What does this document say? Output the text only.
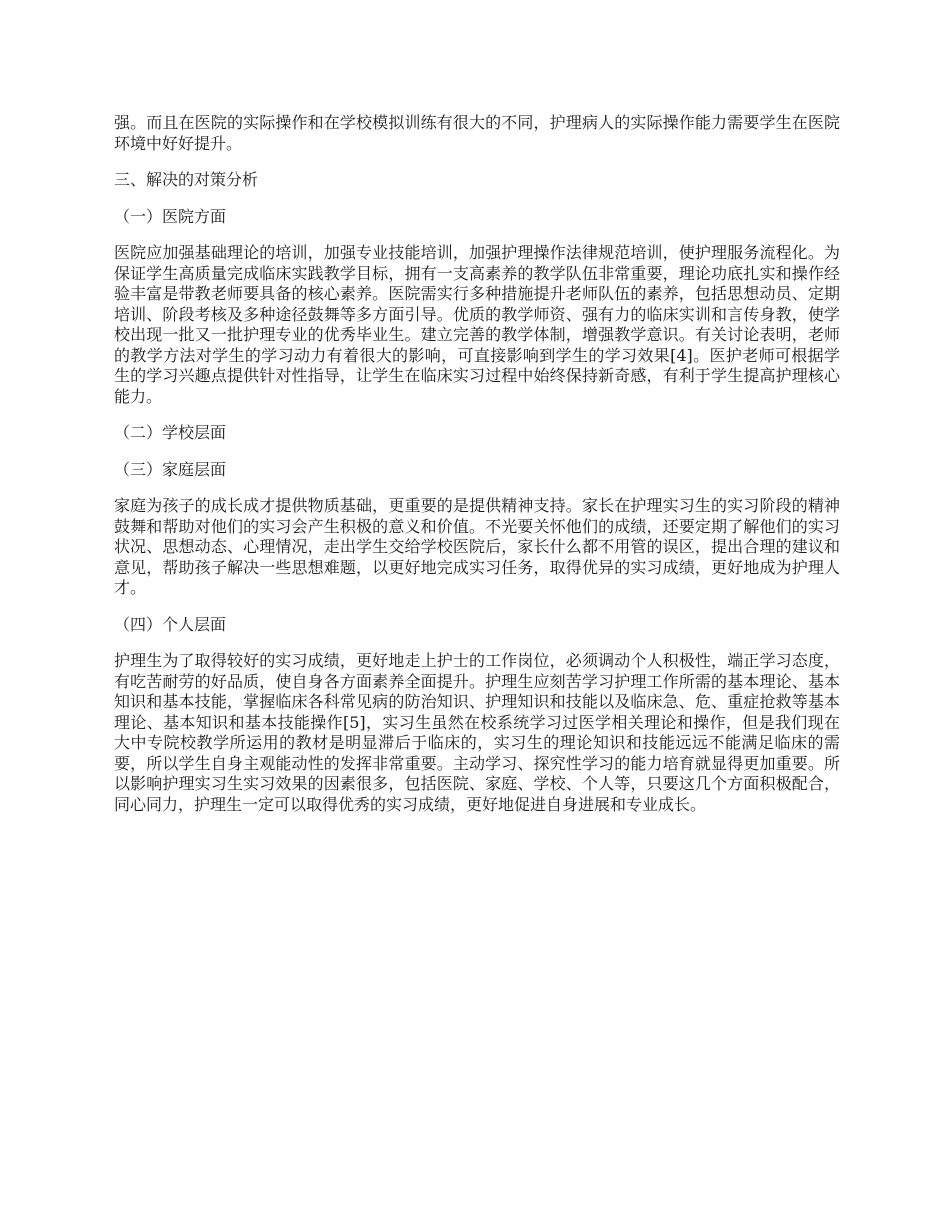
强。而且在医院的实际操作和在学校模拟训练有很大的不同，护理病人的实际操作能力需要学生在医院环境中好好提升。

三、解决的对策分析

（一）医院方面

医院应加强基础理论的培训，加强专业技能培训，加强护理操作法律规范培训，使护理服务流程化。为保证学生高质量完成临床实践教学目标，拥有一支高素养的教学队伍非常重要，理论功底扎实和操作经验丰富是带教老师要具备的核心素养。医院需实行多种措施提升老师队伍的素养，包括思想动员、定期培训、阶段考核及多种途径鼓舞等多方面引导。优质的教学师资、强有力的临床实训和言传身教，使学校出现一批又一批护理专业的优秀毕业生。建立完善的教学体制，增强教学意识。有关讨论表明，老师的教学方法对学生的学习动力有着很大的影响，可直接影响到学生的学习效果[4]。医护老师可根据学生的学习兴趣点提供针对性指导，让学生在临床实习过程中始终保持新奇感，有利于学生提高护理核心能力。

（二）学校层面

（三）家庭层面

家庭为孩子的成长成才提供物质基础，更重要的是提供精神支持。家长在护理实习生的实习阶段的精神鼓舞和帮助对他们的实习会产生积极的意义和价值。不光要关怀他们的成绩，还要定期了解他们的实习状况、思想动态、心理情况，走出学生交给学校医院后，家长什么都不用管的误区，提出合理的建议和意见，帮助孩子解决一些思想难题，以更好地完成实习任务，取得优异的实习成绩，更好地成为护理人才。

（四）个人层面

护理生为了取得较好的实习成绩，更好地走上护士的工作岗位，必须调动个人积极性，端正学习态度，有吃苦耐劳的好品质，使自身各方面素养全面提升。护理生应刻苦学习护理工作所需的基本理论、基本知识和基本技能，掌握临床各科常见病的防治知识、护理知识和技能以及临床急、危、重症抢救等基本理论、基本知识和基本技能操作[5]，实习生虽然在校系统学习过医学相关理论和操作，但是我们现在大中专院校教学所运用的教材是明显滞后于临床的，实习生的理论知识和技能远远不能满足临床的需要，所以学生自身主观能动性的发挥非常重要。主动学习、探究性学习的能力培育就显得更加重要。所以影响护理实习生实习效果的因素很多，包括医院、家庭、学校、个人等，只要这几个方面积极配合，同心同力，护理生一定可以取得优秀的实习成绩，更好地促进自身进展和专业成长。
